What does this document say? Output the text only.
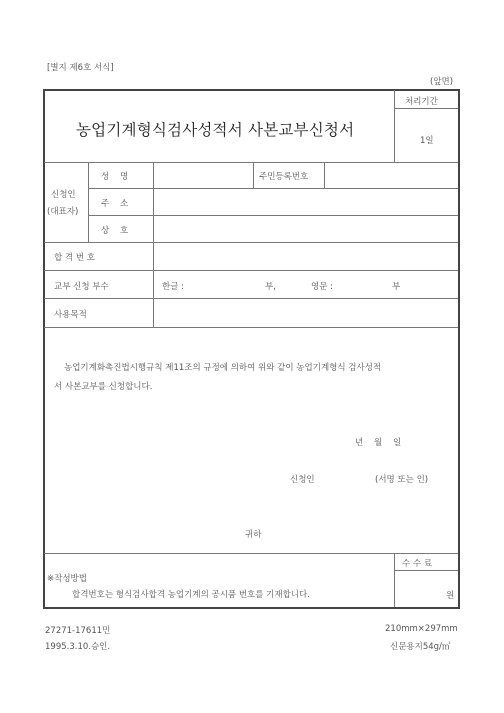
[별지 제6호 서식]
(앞면)
농업기계형식검사성적서 사본교부신청서
처리기간
1일
신청인
(대표자)
성    명	주민등록번호
주    소
상    호
합 격 번 호
교부 신청 부수	한글 :	부,	영문 :	부
사용목적
농업기계화촉진법시행규칙 제11조의 규정에 의하여 위와 같이 농업기계형식 검사성적
서 사본교부를 신청합니다.
년    월    일
신청인	(서명 또는 인)
귀하
수 수 료
원
※작성방법
합격번호는 형식검사합격 농업기계의 공시품 번호를 기재합니다.
27271-17611민
1995.3.10.승인.
210mm×297mm
신문용지54g/㎡
